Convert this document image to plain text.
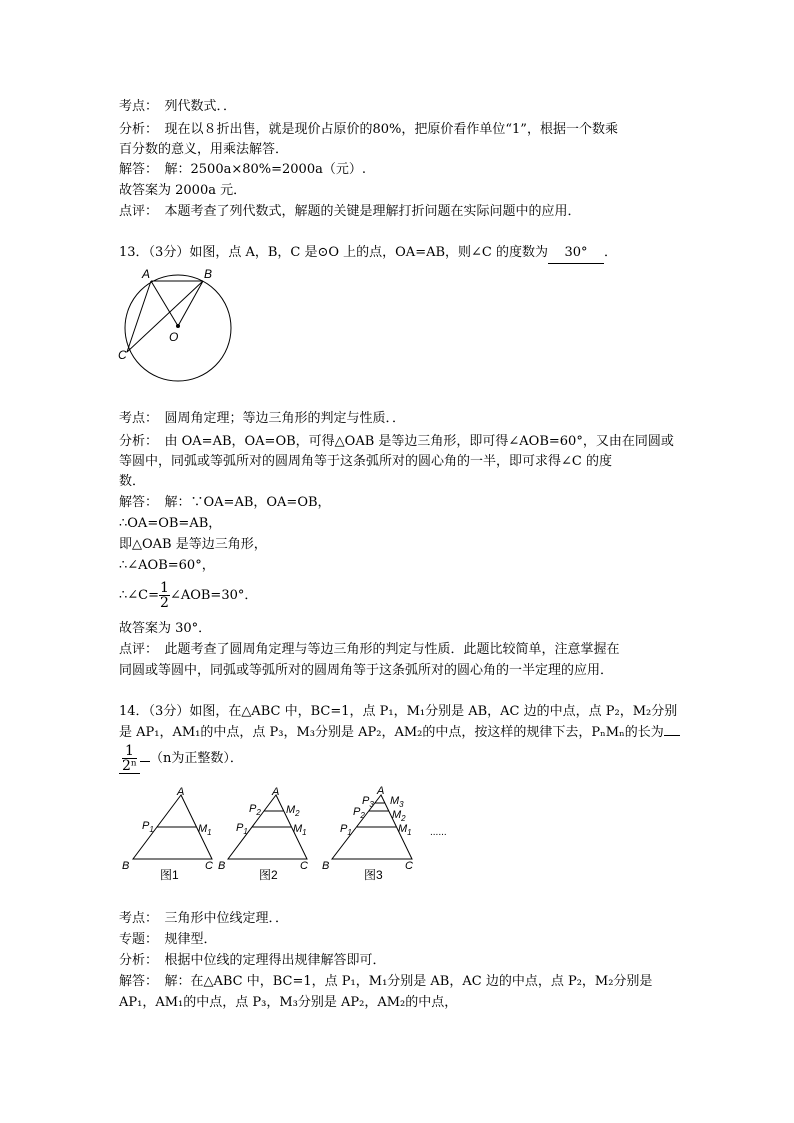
考点：　列代数式．．
分析：　现在以８折出售，就是现价占原价的80%，把原价看作单位“1”，根据一个数乘
百分数的意义，用乘法解答．
解答：　解：2500a×80%=2000a（元）.
故答案为 2000a 元．
点评：　本题考查了列代数式，解题的关键是理解打折问题在实际问题中的应用．
13．（3分）如图，点 A，B，C 是⊙O 上的点，OA=AB，则∠C 的度数为 30° ．
A	B
C
O
考点：　圆周角定理；等边三角形的判定与性质．．
分析：　由 OA=AB，OA=OB，可得△OAB 是等边三角形，即可得∠AOB=60°，又由在同圆或
等圆中，同弧或等弧所对的圆周角等于这条弧所对的圆心角的一半，即可求得∠C 的度
数．
解答：　解：∵OA=AB，OA=OB，
∴OA=OB=AB，
即△OAB 是等边三角形，
∴∠AOB=60°，
∴∠C= $\frac{1}{2}$ ∠AOB=30°．
故答案为 30°．
点评：　此题考查了圆周角定理与等边三角形的判定与性质．此题比较简单，注意掌握在
同圆或等圆中，同弧或等弧所对的圆周角等于这条弧所对的圆心角的一半定理的应用．
14．（3分）如图，在△ABC 中，BC=1，点 P₁，M₁分别是 AB，AC 边的中点，点 P₂，M₂分别
是 AP₁，AM₁的中点，点 P₃，M₃分别是 AP₂，AM₂的中点，按这样的规律下去，PₙMₙ的长为
$\frac{1}{\text{2ⁿ}} (n$为正整数）．
A
B	C
$P_1$	$M_1$
图1
A
B	C
$P_1$	$M_1$
$P_2$ $M_2$
图2
A
B	C
$P_1$	$M_1$
$P_2$ $M_2$
$P_3$ $M_3$
图3
......
考点：　三角形中位线定理．．
专题：　规律型．
分析：　根据中位线的定理得出规律解答即可．
解答：　解：在△ABC 中，BC=1，点 P₁，M₁分别是 AB，AC 边的中点，点 P₂，M₂分别是
AP₁，AM₁的中点，点 P₃，M₃分别是 AP₂，AM₂的中点，
